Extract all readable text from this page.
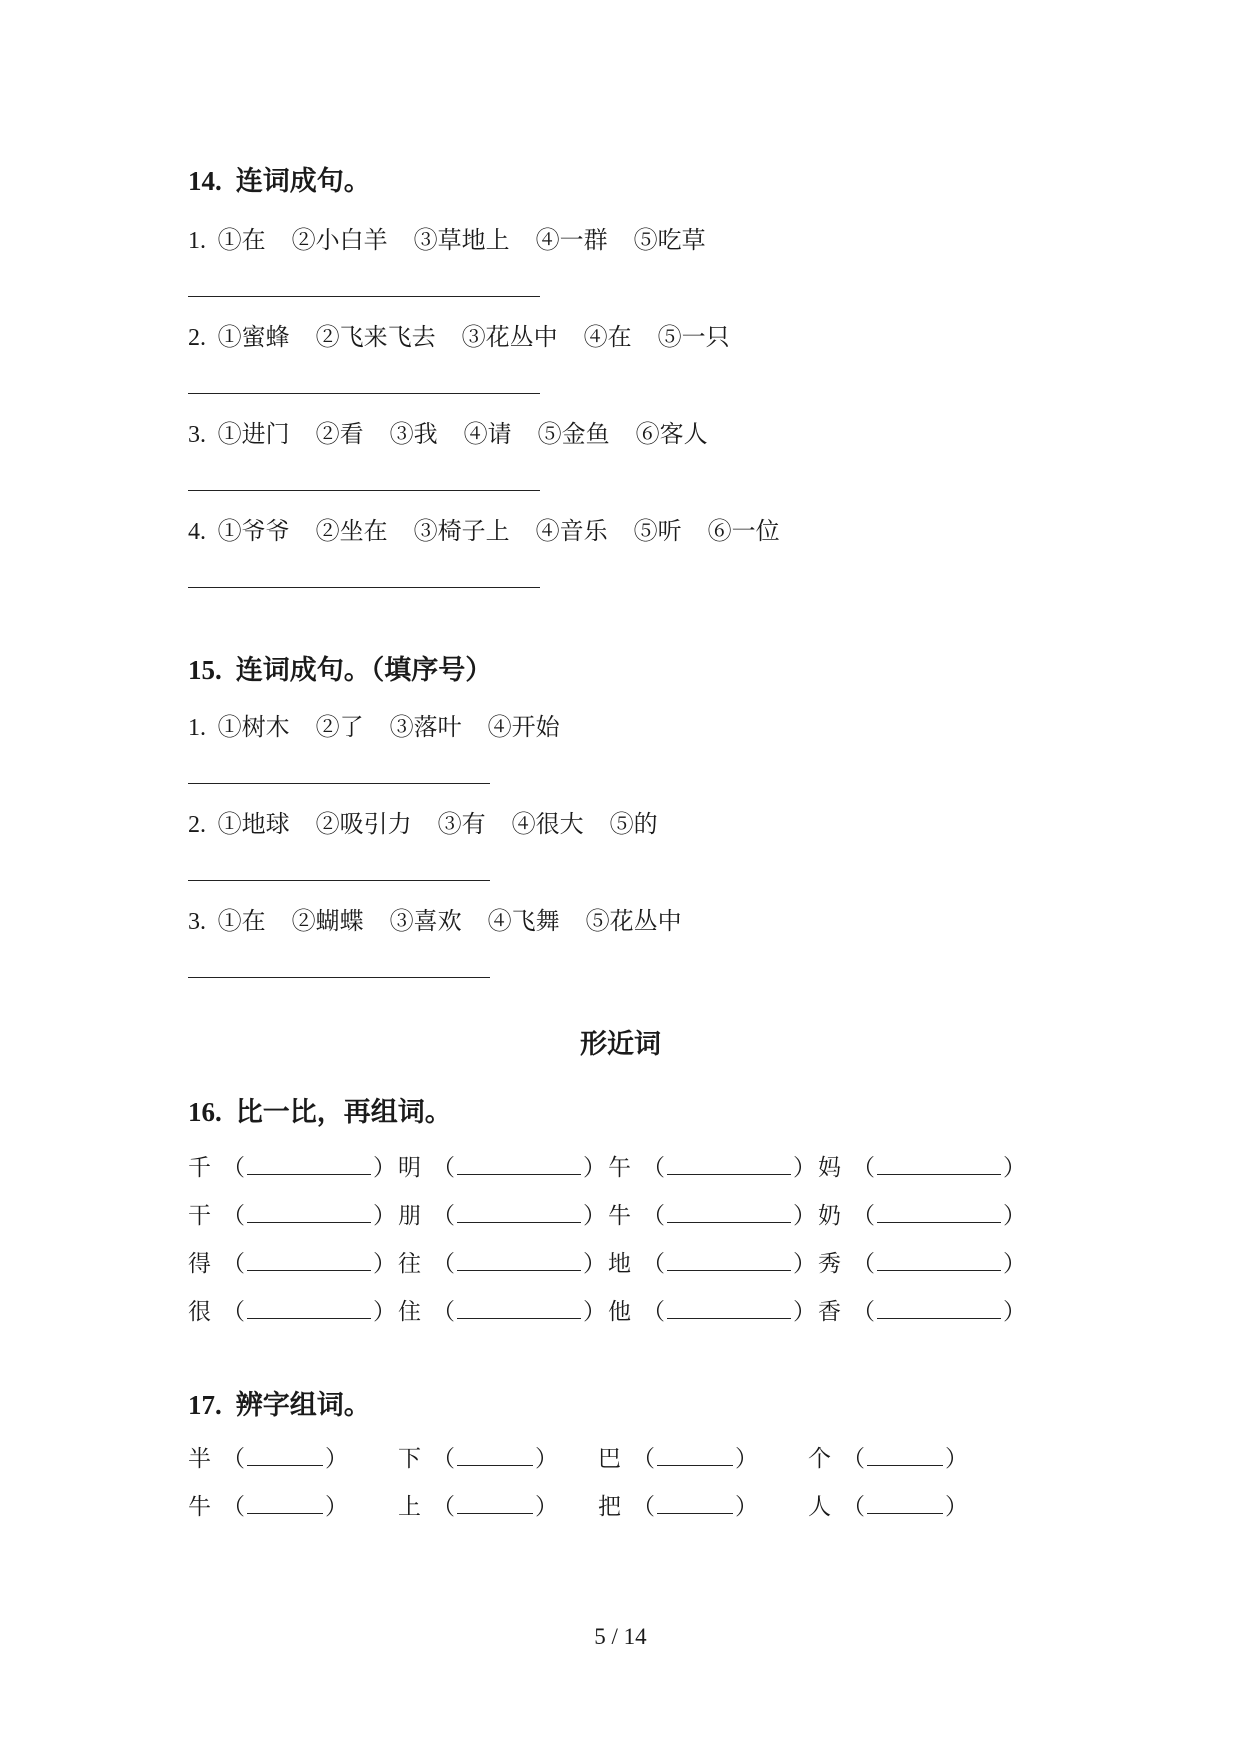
14. 连词成句。
1. ①在 ②小白羊 ③草地上 ④一群 ⑤吃草
2. ①蜜蜂 ②飞来飞去 ③花丛中 ④在 ⑤一只
3. ①进门 ②看 ③我 ④请 ⑤金鱼 ⑥客人
4. ①爷爷 ②坐在 ③椅子上 ④音乐 ⑤听 ⑥一位
15. 连词成句。（填序号）
1. ①树木 ②了 ③落叶 ④开始
2. ①地球 ②吸引力 ③有 ④很大 ⑤的
3. ①在 ②蝴蝶 ③喜欢 ④飞舞 ⑤花丛中
形近词
16. 比一比，再组词。
千 （	） 明 （	） 午 （	） 妈 （	）
干 （	） 朋 （	） 牛 （	） 奶 （	）
得 （	） 往 （	） 地 （	） 秀 （	）
很 （	） 住 （	） 他 （	） 香 （	）
17. 辨字组词。
半 （	） 下 （	） 巴 （	） 个 （	）
牛 （	） 上 （	） 把 （	） 人 （	）
5 / 14
